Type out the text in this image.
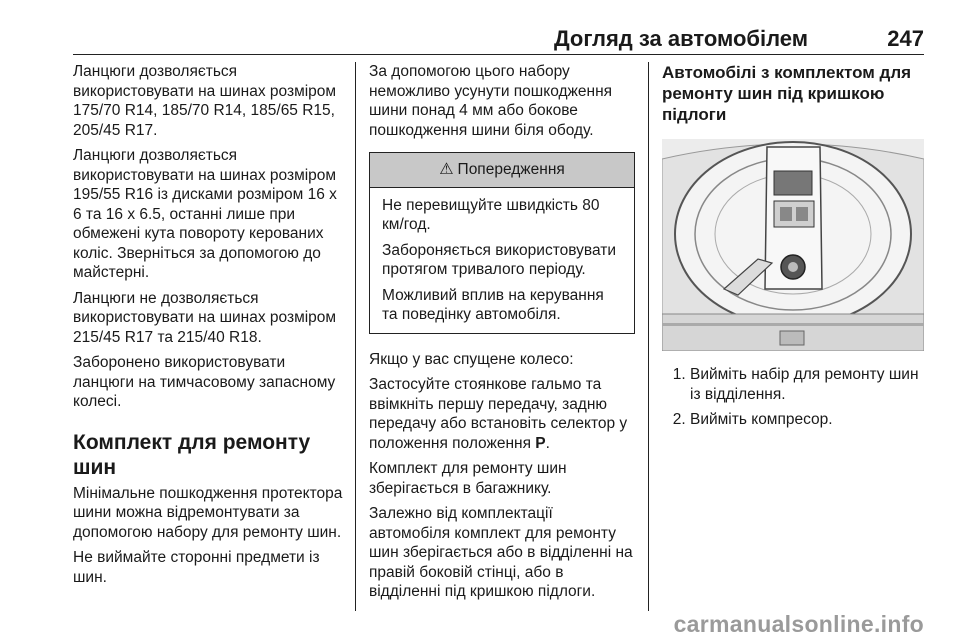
Догляд за автомобілем	247

Ланцюги дозволяється використовувати на шинах розміром 175/70 R14, 185/70 R14, 185/65 R15, 205/45 R17.

Ланцюги дозволяється використовувати на шинах розміром 195/55 R16 із дисками розміром 16 x 6 та 16 x 6.5, останні лише при обмежені кута повороту керованих коліс. Зверніться за допомогою до майстерні.

Ланцюги не дозволяється використовувати на шинах розміром 215/45 R17 та 215/40 R18.

Заборонено використовувати ланцюги на тимчасовому запасному колесі.

Комплект для ремонту шин

Мінімальне пошкодження протектора шини можна відремонтувати за допомогою набору для ремонту шин.

Не виймайте сторонні предмети із шин.

За допомогою цього набору неможливо усунути пошкодження шини понад 4 мм або бокове пошкодження шини біля ободу.

⚠ Попередження

Не перевищуйте швидкість 80 км/год.

Забороняється використовувати протягом тривалого періоду.

Можливий вплив на керування та поведінку автомобіля.

Якщо у вас спущене колесо:

Застосуйте стоянкове гальмо та ввімкніть першу передачу, задню передачу або встановіть селектор у положення положення P.

Комплект для ремонту шин зберігається в багажнику.

Залежно від комплектації автомобіля комплект для ремонту шин зберігається або в відділенні на правій боковій стінці, або в відділенні під кришкою підлоги.

Автомобілі з комплектом для ремонту шин під кришкою підлоги
1. Вийміть набір для ремонту шин із відділення.
2. Вийміть компресор.
carmanualsonline.info
